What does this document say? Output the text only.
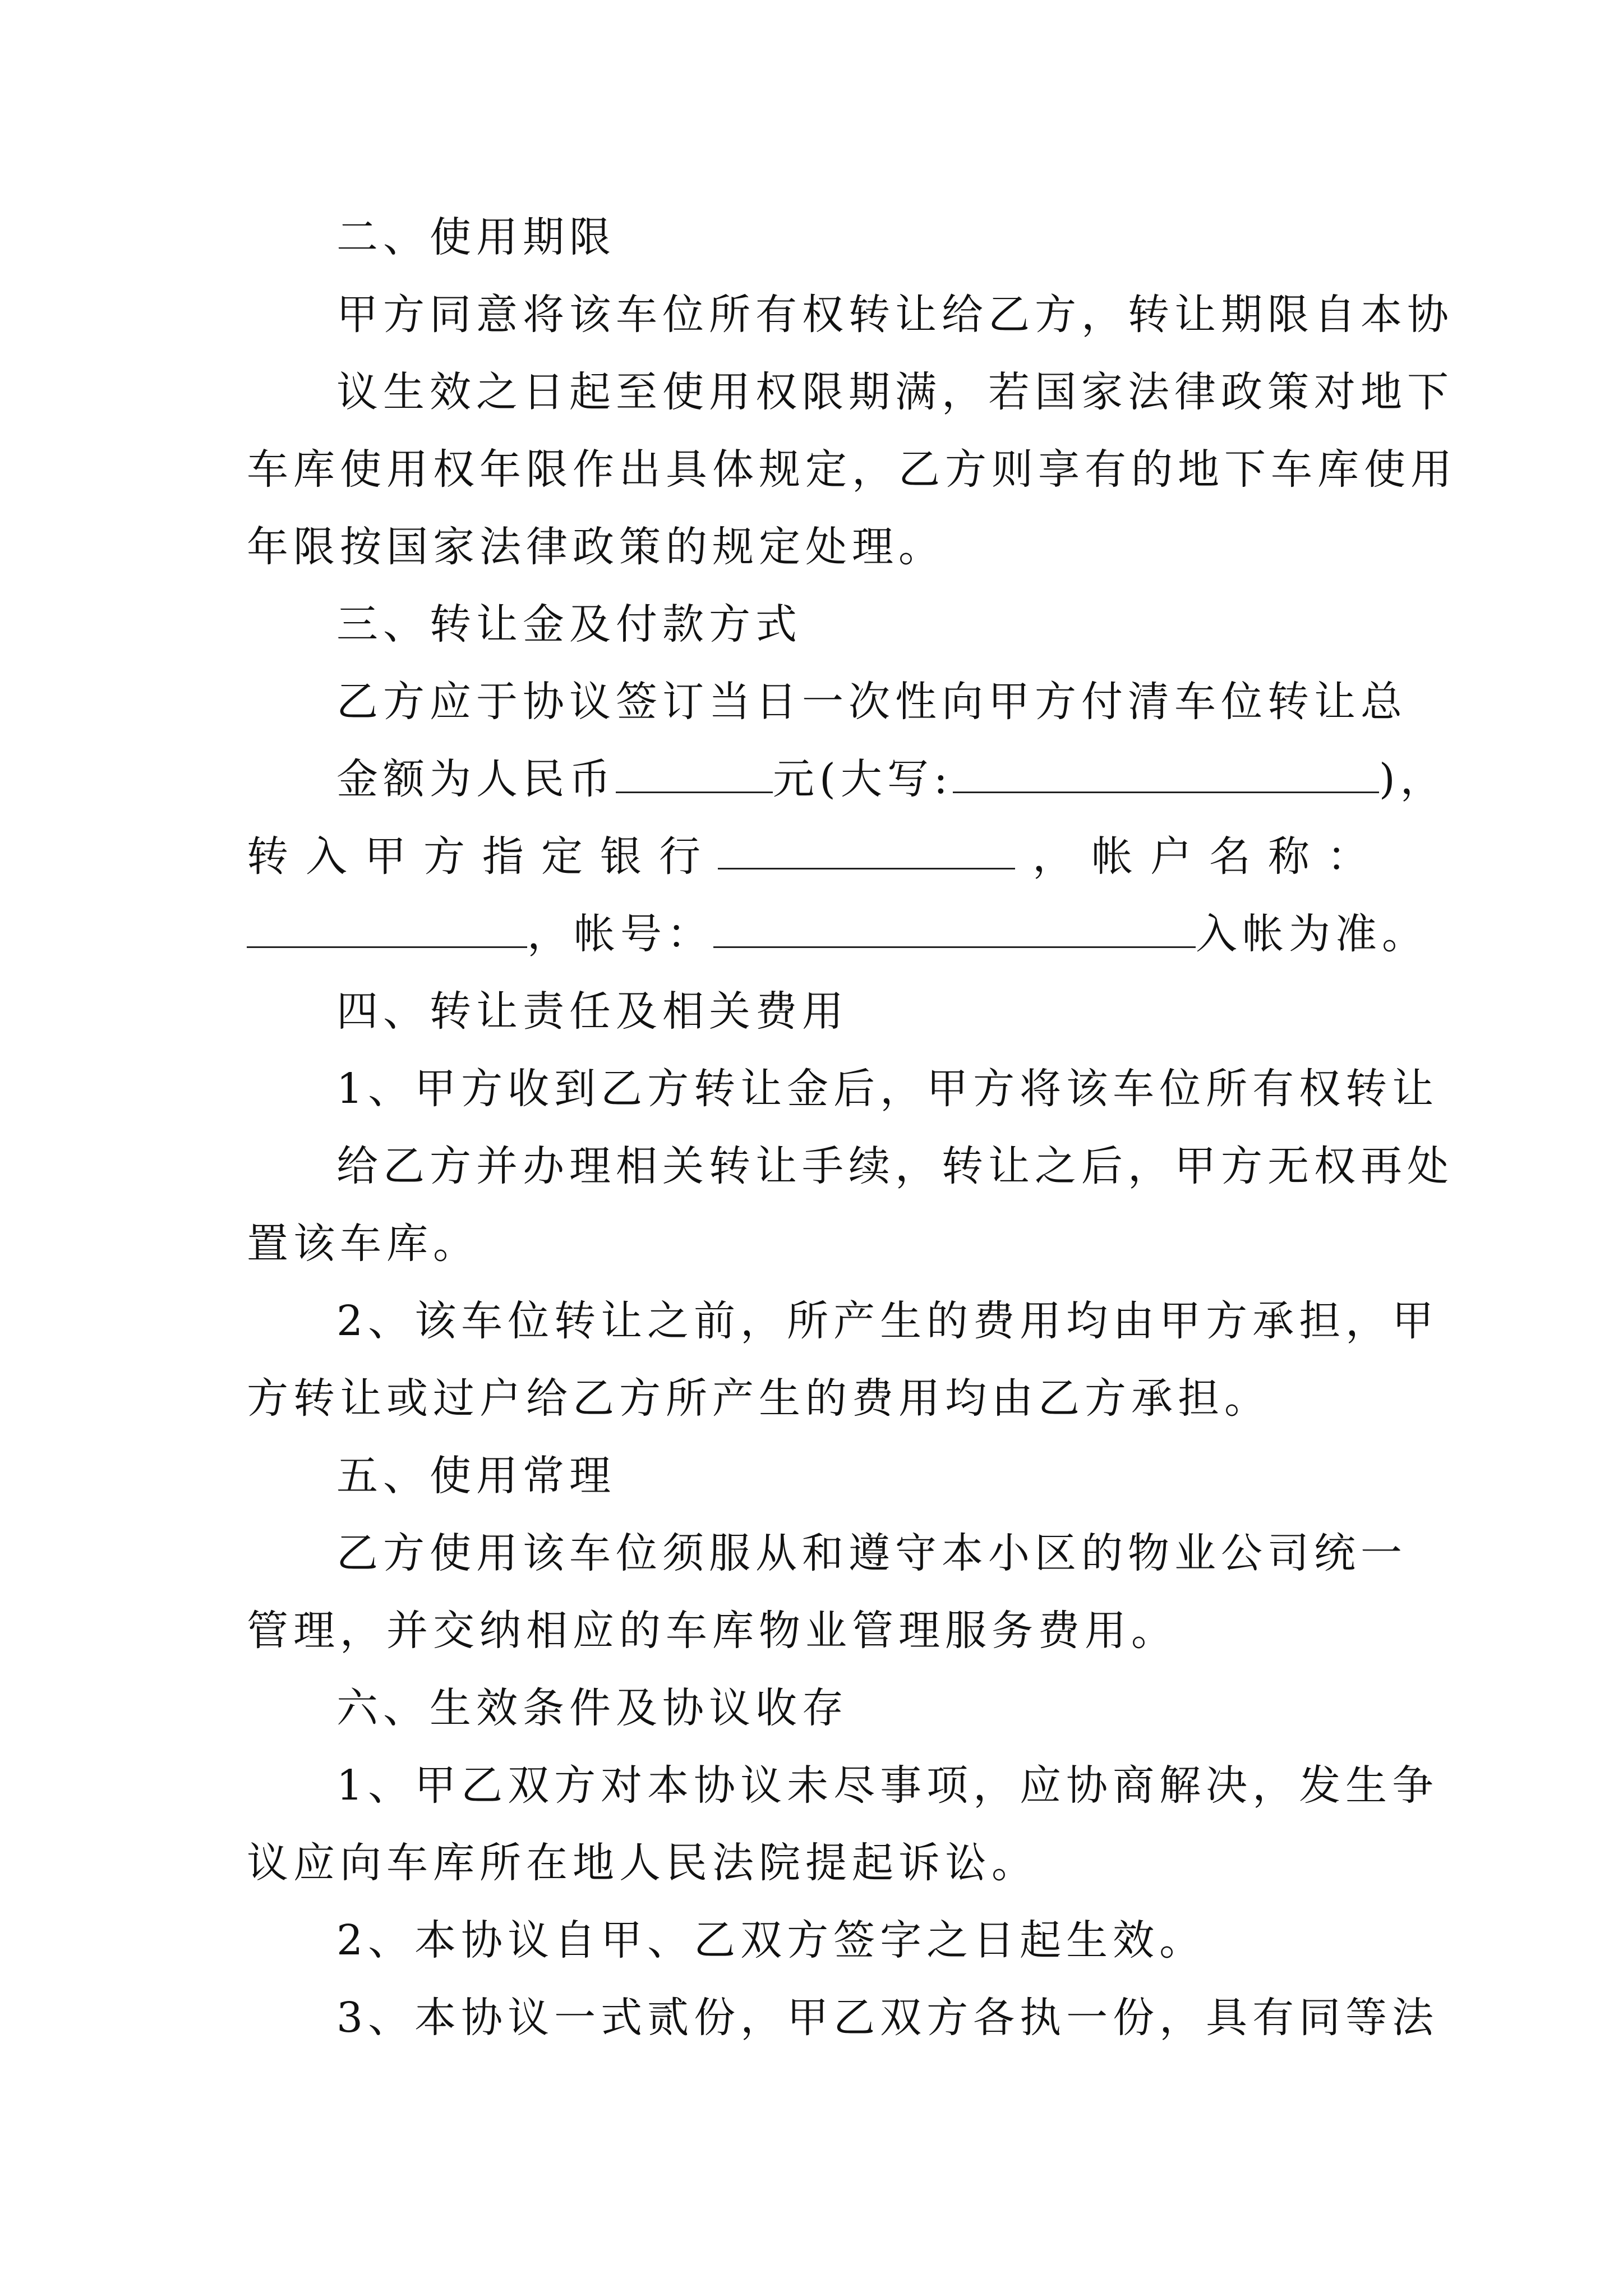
二、使用期限
甲方同意将该车位所有权转让给乙方，转让期限自本协
议生效之日起至使用权限期满，若国家法律政策对地下
车库使用权年限作出具体规定，乙方则享有的地下车库使用
年限按国家法律政策的规定处理。
三、转让金及付款方式
乙方应于协议签订当日一次性向甲方付清车位转让总
金额为人民币	元(大写:	)，
转 入 甲 方 指 定 银 行	， 帐 户 名 称 ：
，帐号：	入帐为准。
四、转让责任及相关费用
1、甲方收到乙方转让金后，甲方将该车位所有权转让
给乙方并办理相关转让手续，转让之后，甲方无权再处
置该车库。
2、该车位转让之前，所产生的费用均由甲方承担，甲
方转让或过户给乙方所产生的费用均由乙方承担。
五、使用常理
乙方使用该车位须服从和遵守本小区的物业公司统一
管理，并交纳相应的车库物业管理服务费用。
六、生效条件及协议收存
1、甲乙双方对本协议未尽事项，应协商解决，发生争
议应向车库所在地人民法院提起诉讼。
2、本协议自甲、乙双方签字之日起生效。
3、本协议一式贰份，甲乙双方各执一份，具有同等法
